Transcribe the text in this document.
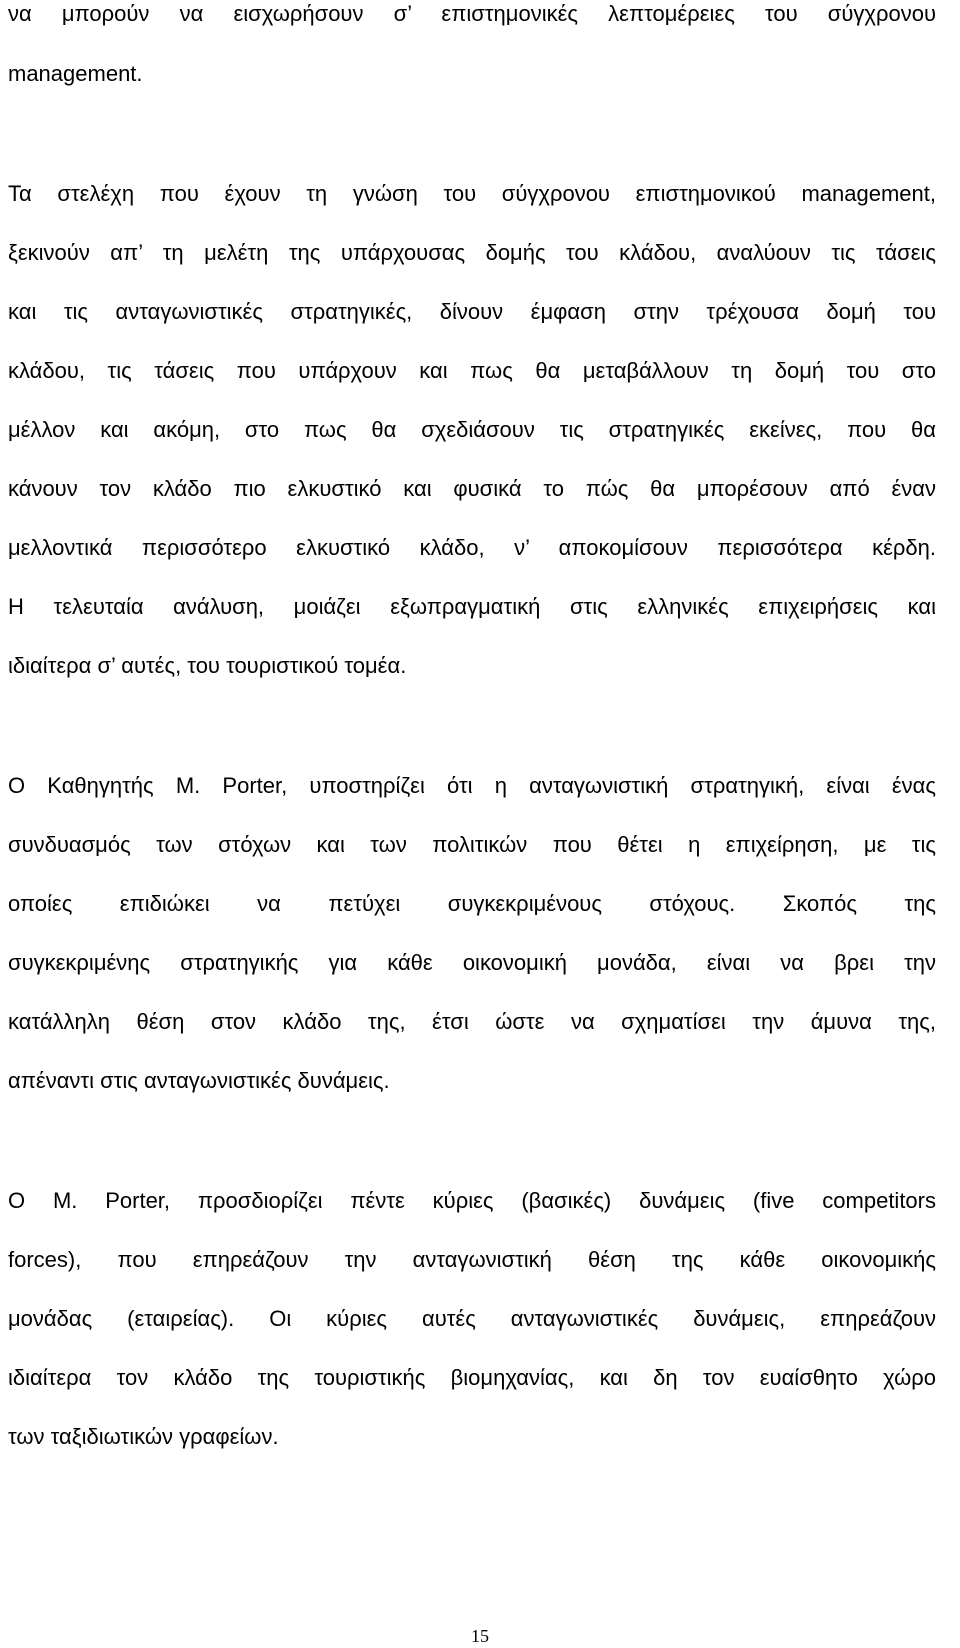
να μπορούν να εισχωρήσουν σ’ επιστημονικές λεπτομέρειες του σύγχρονου
management.
Τα στελέχη που έχουν τη γνώση του σύγχρονου επιστημονικού management,
ξεκινούν απ’ τη μελέτη της υπάρχουσας δομής του κλάδου, αναλύουν τις τάσεις
και τις ανταγωνιστικές στρατηγικές, δίνουν έμφαση στην τρέχουσα δομή του
κλάδου, τις τάσεις που υπάρχουν και πως θα μεταβάλλουν τη δομή του στο
μέλλον και ακόμη, στο πως θα σχεδιάσουν τις στρατηγικές εκείνες, που θα
κάνουν τον κλάδο πιο ελκυστικό και φυσικά το πώς θα μπορέσουν από έναν
μελλοντικά περισσότερο ελκυστικό κλάδο, ν’ αποκομίσουν περισσότερα κέρδη.
Η τελευταία ανάλυση, μοιάζει εξωπραγματική στις ελληνικές επιχειρήσεις και
ιδιαίτερα σ’ αυτές, του τουριστικού τομέα.
Ο Καθηγητής Μ. Porter, υποστηρίζει ότι η ανταγωνιστική στρατηγική, είναι ένας
συνδυασμός των στόχων και των πολιτικών που θέτει η επιχείρηση, με τις
οποίες επιδιώκει να πετύχει συγκεκριμένους στόχους. Σκοπός της
συγκεκριμένης στρατηγικής για κάθε οικονομική μονάδα, είναι να βρει την
κατάλληλη θέση στον κλάδο της, έτσι ώστε να σχηματίσει την άμυνα της,
απέναντι στις ανταγωνιστικές δυνάμεις.
Ο Μ. Porter, προσδιορίζει πέντε κύριες (βασικές) δυνάμεις (five competitors
forces), που επηρεάζουν την ανταγωνιστική θέση της κάθε οικονομικής
μονάδας (εταιρείας). Οι κύριες αυτές ανταγωνιστικές δυνάμεις, επηρεάζουν
ιδιαίτερα τον κλάδο της τουριστικής βιομηχανίας, και δη τον ευαίσθητο χώρο
των ταξιδιωτικών γραφείων.
15
